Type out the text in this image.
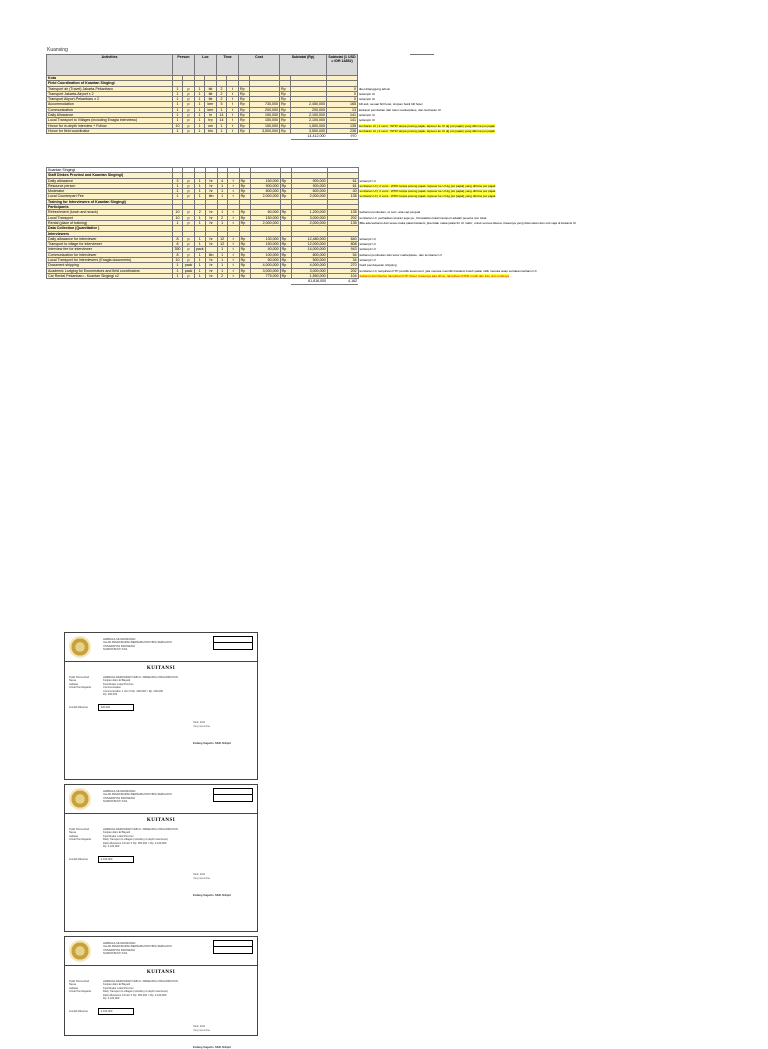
Kuansing
Activities	Person		Loc		Time		Cost		Subtotal (Rp)		Subtotal (1 USD = IDR 14852)	
Kota												
Field Coordination of Kuantan Singingi												
Transport air (Travel) Jakarta-Pekanbaru	1	p	1	tkt	2	t	Rp		Rp		0	tiket ditanggung admin
Transport Jakarta-Airport x 2	1	p	1	tkt	2	t	Rp		Rp		0	terlampir UI
Transport Airport-Pekanbaru x 2	1	p	1	tkt	2	t	Rp		Rp		0	terlampir UI
Accommodation	1	p	1	kmr	5	t	Rp	730,000	Rp	2,450,000	165	bill asli, sesuai bill hotel, simpan bukti bill hotel
Communication	1	p	1	kmr	1	t	Rp	200,000	Rp	200,000	13	kwitansi pembelian dari toko/ marketplace, dan lembaran UI
Daily Allowance	1	p	1	hr	14	t	Rp	150,000	Rp	2,100,000	141	terlampir UI
Local Transport to Villages (including Enagla interviews)	1	p	1	trp	14	t	Rp	150,000	Rp	2,100,000	141	terlampir UI
Honor for in-depth interview + Follow	10	p	1	orn	1	t	Rp	150,000	Rp	1,500,000	135	lembaran UI ( 2 versi : WHO tanpa potong pajak, lapsoer ke UI dg pot pajak) yang ditrima pot pajak
Honor for field coordinator	1	p	1	bln	1	t	Rp	3,500,000	Rp	3,500,000	236	lembaran UI ( 2 versi : WHO tanpa potong pajak, lapsoer ke UI dg pot pajak) yang ditrima pot pajak
										14,412,000	970	
Kuantan Singingi												
Staff Dinkes Provinsi and Kuantan Singingi)												
Daily allowance	3	p	1	hr	4	t	Rp	150,000	Rp	900,000	61	terlampir UI
Resource person	1	p	1	hr	1	t	Rp	900,000	Rp	900,000	61	lembaran UI ( 2 versi : WHO tanpa potong pajak, lapsoer ke UI dg pot pajak) yang ditrima pot pajak
Moderator	1	p	1	hr	1	t	Rp	600,000	Rp	600,000	40	lembaran UI ( 2 versi : WHO tanpa potong pajak, lapsoer ke UI dg pot pajak) yang ditrima pot pajak
Local Counterpart Fee	1	p	1	bln	1	t	Rp	2,000,000	Rp	2,000,000	135	lembaran UI ( 2 versi : WHO tanpa potong pajak, lapsoer ke UI dg pot pajak) yang ditrima pot pajak
Training for Interviewers of Kuantan Singingi)												
Participants												
Refreshment (lunch and snack)	10	p	2	hr	1	t	Rp	60,000	Rp	1,200,000	135	kwitansi pembelian, et cetc. ada cap penjual
Local Transport	10	p	1	hr	2	t	Rp	150,000	Rp	3,000,000	202	lembaran UI, perhatikan ukuran juga ya , Perwakilan lokal transport adalah peserta non lokal
Rental (place of training)	1	p	1	hr	1	t	Rp	2,000,000		2,000,000	135	Bila ada kwitansi dari sewa maka pakai kwitansi, jika tidak maka pakai lbr UI 'sakti', untuk semua dikena, biasanya yang ditemukan dan sub saja di kwitansi UI
Data Collection (Quantitative )												
Interviewers												
Daily allowance for interviewer	8	p	1	hr	12	t	Rp	130,000	Rp	12,480,000	840	terlampir UI
Transport to village for interviewer	8	p	1	hr	12	t	Rp	150,000	Rp	12,000,000	808	terlampir UI
Interview fee for interviewer	350	p	pack		1	t	Rp	40,000	Rp	14,000,000	943	terlampir UI
Communication for interviewer	8	p	1	bln	1	t	Rp	100,000	Rp	800,000	54	kwitansi pembelian dari toko/ marketplace, dan lembaran UI
Local Transport for interviewers (Enagla documents)	10	p	1	hr	1	t	Rp	50,000	Rp	500,000	34	terlampir UI
Document shipping	1	pack	1	hr	1	t	Rp	4,000,000	Rp	4,000,000	270	bukti pembayaran shipping
Academic Lodging for Enumerators and field coordinators	1	pack	1	hr	1	t	Rp	3,000,000	Rp	3,000,000	202	lembaran UI, lampirkan KTP pemilik kosonvent, jika mereka memiliki kwitansi boleh pakai milik mereka tetap sertakan kwitansi UI
Car Rental Pekanbaru - Kuantan Singingi x2	1	p	1	hr	2	t	Rp	775,000	Rp	1,550,000	104	kwitansi dari Rental, lampirkan KTP driver, biasanya ada driver, lampirkan STNK mobil dan foto unit mobilnya
										61,816,000	4,162	
LEMBAGA KE MAKMURAN
JALAN KEMAKMURAN BERSAMA PROVINSI SEMUANYA
UNIVERSITAS INDONESIA
NOMOR BUKTI KAS
KUITANSI
Telah Terima Dari	LEMBAGA DEMOGRAFI FEB UI / RESEARCH ORGANIZATION
Nama	Kutipan Alam El Bayadi
Jabatan	Koordinator Lokal Provinsi
Untuk Pembayaran	Communication
Communication 1 Unit X Rp. 200,000 = Rp. 200,000
Rp. 200,000
Jumlah Diterima	200,000
Taluk, 2021
Yang menerima
Endang Suganto, SKM, M.Epid
LEMBAGA KE MAKMURAN
JALAN KEMAKMURAN BERSAMA PROVINSI SEMUANYA
UNIVERSITAS INDONESIA
NOMOR BUKTI KAS
KUITANSI
Telah Terima Dari	LEMBAGA DEMOGRAFI FEB UI / RESEARCH ORGANIZATION
Nama	Kutipan Alam El Bayadi
Jabatan	Koordinator Lokal Provinsi
Untuk Pembayaran	Daily Transport to villages (including in-depth interviews)
Daily Allowance 14 hari X Rp. 150,000 = Rp. 2,100,000
Rp. 2,100,000
Jumlah Diterima	2,100,000
Taluk, 2021
Yang menerima
Endang Suganto, SKM, M.Epid
LEMBAGA KE MAKMURAN
JALAN KEMAKMURAN BERSAMA PROVINSI SEMUANYA
UNIVERSITAS INDONESIA
NOMOR BUKTI KAS
KUITANSI
Telah Terima Dari	LEMBAGA DEMOGRAFI FEB UI / RESEARCH ORGANIZATION
Nama	Kutipan Alam El Bayadi
Jabatan	Koordinator Lokal Provinsi
Untuk Pembayaran	Daily Transport to villages (including in-depth interviews)
Daily Allowance 14 hari X Rp. 150,000 = Rp. 2,100,000
Rp. 2,100,000
Jumlah Diterima	2,100,000
Taluk, 2021
Yang menerima
Endang Suganto, SKM, M.Epid
